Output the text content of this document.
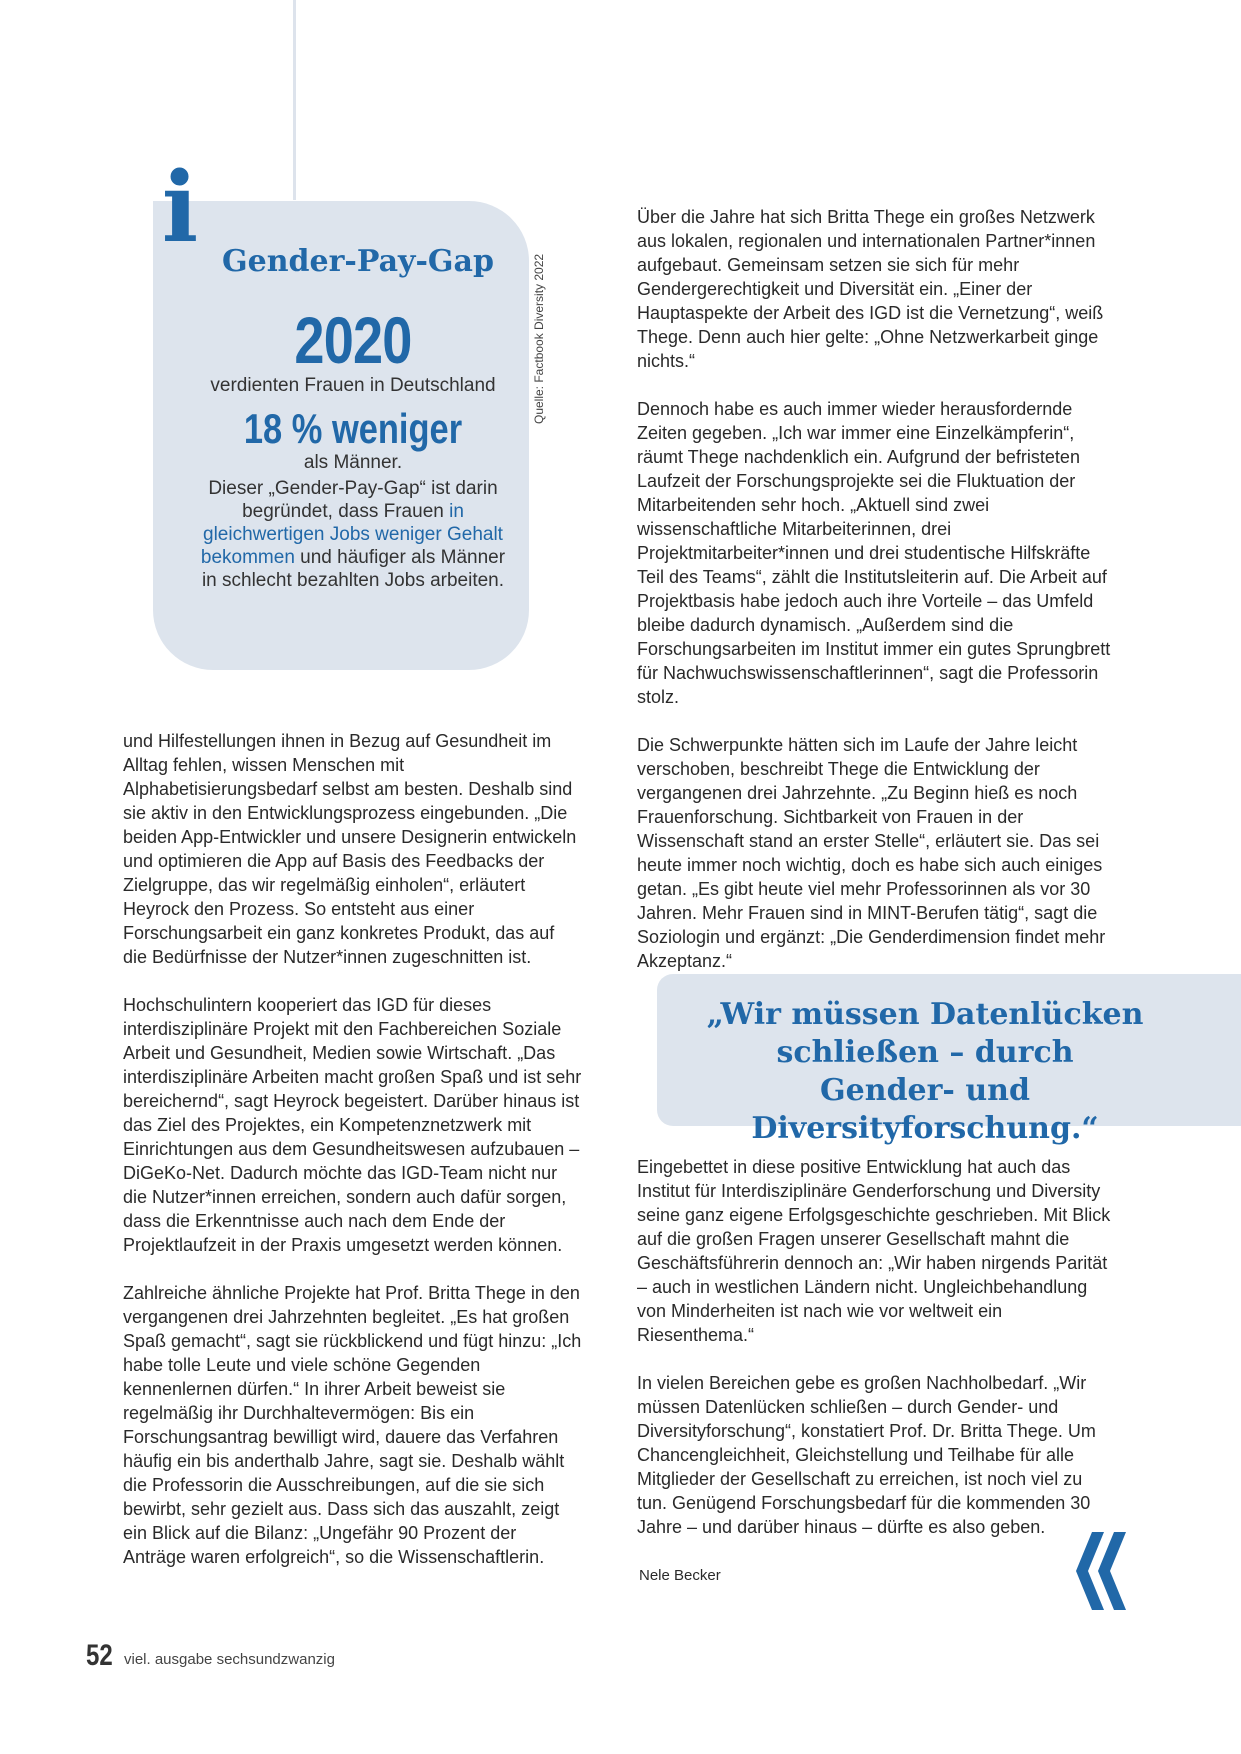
i Gender-Pay-Gap
2020
verdienten Frauen in Deutschland
18 % weniger
als Männer.
Dieser „Gender-Pay-Gap“ ist darin begründet, dass Frauen in gleichwertigen Jobs weniger Gehalt bekommen und häufiger als Männer in schlecht bezahlten Jobs arbeiten.
Quelle: Factbook Diversity 2022

und Hilfestellungen ihnen in Bezug auf Gesundheit im Alltag fehlen, wissen Menschen mit Alphabetisierungsbedarf selbst am besten. Deshalb sind sie aktiv in den Entwicklungsprozess eingebunden. „Die beiden App-Entwickler und unsere Designerin entwickeln und optimieren die App auf Basis des Feedbacks der Zielgruppe, das wir regelmäßig einholen“, erläutert Heyrock den Prozess. So entsteht aus einer Forschungsarbeit ein ganz konkretes Produkt, das auf die Bedürfnisse der Nutzer*innen zugeschnitten ist.

Hochschulintern kooperiert das IGD für dieses interdisziplinäre Projekt mit den Fachbereichen Soziale Arbeit und Gesundheit, Medien sowie Wirtschaft. „Das interdisziplinäre Arbeiten macht großen Spaß und ist sehr bereichernd“, sagt Heyrock begeistert. Darüber hinaus ist das Ziel des Projektes, ein Kompetenznetzwerk mit Einrichtungen aus dem Gesundheitswesen aufzubauen – DiGeKo-Net. Dadurch möchte das IGD-Team nicht nur die Nutzer*innen erreichen, sondern auch dafür sorgen, dass die Erkenntnisse auch nach dem Ende der Projektlaufzeit in der Praxis umgesetzt werden können.

Zahlreiche ähnliche Projekte hat Prof. Britta Thege in den vergangenen drei Jahrzehnten begleitet. „Es hat großen Spaß gemacht“, sagt sie rückblickend und fügt hinzu: „Ich habe tolle Leute und viele schöne Gegenden kennenlernen dürfen.“ In ihrer Arbeit beweist sie regelmäßig ihr Durchhaltevermögen: Bis ein Forschungsantrag bewilligt wird, dauere das Verfahren häufig ein bis anderthalb Jahre, sagt sie. Deshalb wählt die Professorin die Ausschreibungen, auf die sie sich bewirbt, sehr gezielt aus. Dass sich das auszahlt, zeigt ein Blick auf die Bilanz: „Ungefähr 90 Prozent der Anträge waren erfolgreich“, so die Wissenschaftlerin.

Über die Jahre hat sich Britta Thege ein großes Netzwerk aus lokalen, regionalen und internationalen Partner*innen aufgebaut. Gemeinsam setzen sie sich für mehr Gendergerechtigkeit und Diversität ein. „Einer der Hauptaspekte der Arbeit des IGD ist die Vernetzung“, weiß Thege. Denn auch hier gelte: „Ohne Netzwerkarbeit ginge nichts.“

Dennoch habe es auch immer wieder herausfordernde Zeiten gegeben. „Ich war immer eine Einzelkämpferin“, räumt Thege nachdenklich ein. Aufgrund der befristeten Laufzeit der Forschungsprojekte sei die Fluktuation der Mitarbeitenden sehr hoch. „Aktuell sind zwei wissenschaftliche Mitarbeiterinnen, drei Projektmitarbeiter*innen und drei studentische Hilfskräfte Teil des Teams“, zählt die Institutsleiterin auf. Die Arbeit auf Projektbasis habe jedoch auch ihre Vorteile – das Umfeld bleibe dadurch dynamisch. „Außerdem sind die Forschungsarbeiten im Institut immer ein gutes Sprungbrett für Nachwuchswissenschaftlerinnen“, sagt die Professorin stolz.

Die Schwerpunkte hätten sich im Laufe der Jahre leicht verschoben, beschreibt Thege die Entwicklung der vergangenen drei Jahrzehnte. „Zu Beginn hieß es noch Frauenforschung. Sichtbarkeit von Frauen in der Wissenschaft stand an erster Stelle“, erläutert sie. Das sei heute immer noch wichtig, doch es habe sich auch einiges getan. „Es gibt heute viel mehr Professorinnen als vor 30 Jahren. Mehr Frauen sind in MINT-Berufen tätig“, sagt die Soziologin und ergänzt: „Die Genderdimension findet mehr Akzeptanz.“

„Wir müssen Datenlücken schließen – durch Gender- und Diversityforschung.“

Eingebettet in diese positive Entwicklung hat auch das Institut für Interdisziplinäre Genderforschung und Diversity seine ganz eigene Erfolgsgeschichte geschrieben. Mit Blick auf die großen Fragen unserer Gesellschaft mahnt die Geschäftsführerin dennoch an: „Wir haben nirgends Parität – auch in westlichen Ländern nicht. Ungleichbehandlung von Minderheiten ist nach wie vor weltweit ein Riesenthema.“

In vielen Bereichen gebe es großen Nachholbedarf. „Wir müssen Datenlücken schließen – durch Gender- und Diversityforschung“, konstatiert Prof. Dr. Britta Thege. Um Chancengleichheit, Gleichstellung und Teilhabe für alle Mitglieder der Gesellschaft zu erreichen, ist noch viel zu tun. Genügend Forschungsbedarf für die kommenden 30 Jahre – und darüber hinaus – dürfte es also geben.

Nele Becker
52 viel. ausgabe sechsundzwanzig
